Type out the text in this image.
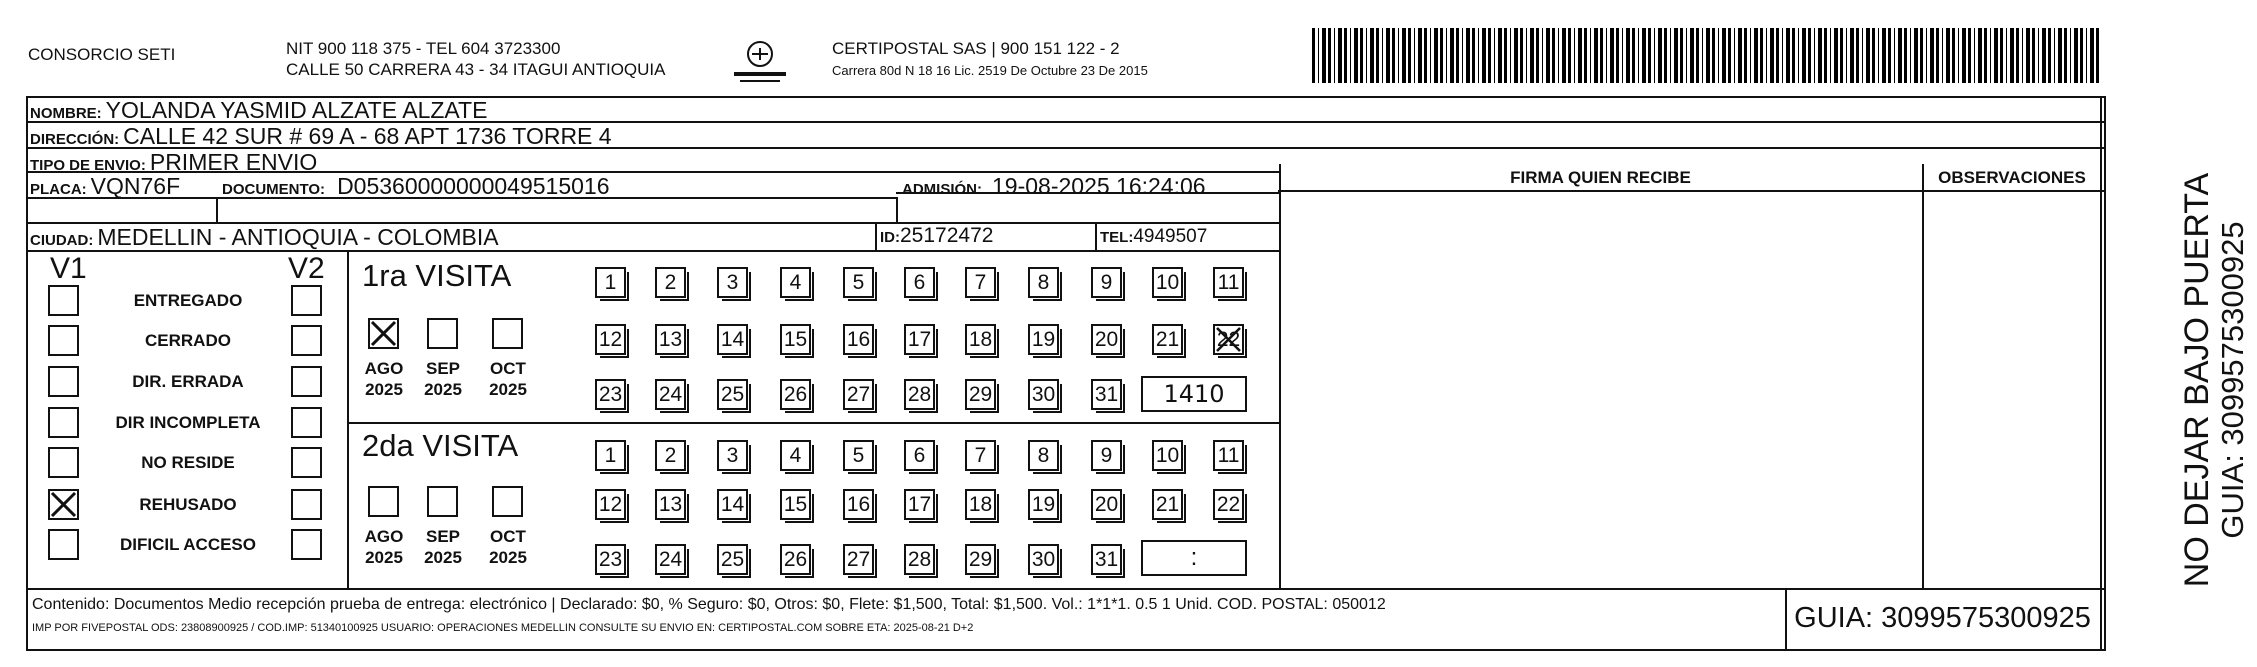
CONSORCIO SETI	NIT 900 118 375 - TEL 604 3723300
CALLE 50 CARRERA 43 - 34 ITAGUI ANTIOQUIA
CERTIPOSTAL SAS | 900 151 122 - 2
Carrera 80d N 18 16 Lic. 2519 De Octubre 23 De 2015
NOMBRE: YOLANDA YASMID ALZATE ALZATE
DIRECCIÓN: CALLE 42 SUR # 69 A - 68 APT 1736 TORRE 4
TIPO DE ENVIO: PRIMER ENVIO
PLACA: VQN76F	DOCUMENTO: D05360000000049515016	ADMISIÓN: 19-08-2025 16:24:06
CIUDAD: MEDELLIN - ANTIOQUIA - COLOMBIA	ID:25172472	TEL:4949507
FIRMA QUIEN RECIBE	OBSERVACIONES
V1	V2
ENTREGADO
CERRADO
DIR. ERRADA
DIR INCOMPLETA
NO RESIDE
REHUSADO
DIFICIL ACCESO
1ra VISITA
2da VISITA
AGO
2025
SEP
2025
OCT
2025
AGO
2025
SEP
2025
OCT
2025
1	2	3	4	5	6	7	8	9	10 11
12 13 14 15 16 17 18 19 20 21 22
23 24 25 26 27 28 29 30 31
1	2	3	4	5	6	7	8	9	10 11
12 13 14 15 16 17 18 19 20 21 22
23 24 25 26 27 28 29 30 31
1410
:
Contenido: Documentos Medio recepción prueba de entrega: electrónico | Declarado: $0, % Seguro: $0, Otros: $0, Flete: $1,500, Total: $1,500. Vol.: 1*1*1. 0.5 1 Unid. COD. POSTAL: 050012
IMP POR FIVEPOSTAL ODS: 23808900925 / COD.IMP: 51340100925 USUARIO: OPERACIONES MEDELLIN CONSULTE SU ENVIO EN: CERTIPOSTAL.COM SOBRE ETA: 2025-08-21 D+2	GUIA: 3099575300925
NO DEJAR BAJO PUERTA GUIA: 3099575300925
